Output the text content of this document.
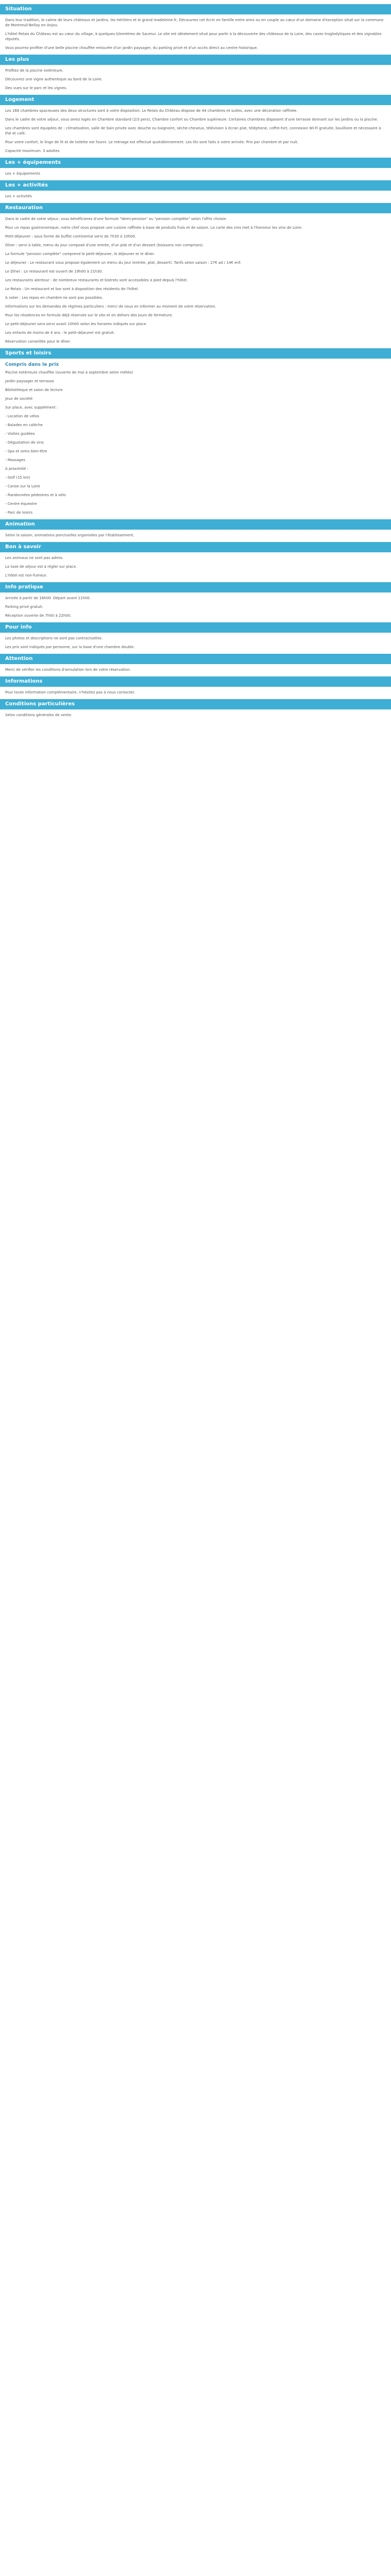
Situation

Dans leur tradition, le calme de leurs châteaux et jardins, les héritiers et le grand madeleine.fr, Découvrez cet écrin en famille entre amis ou en couple au cœur d'un domaine d'exception situé sur la commune de Montreuil-Bellay en Anjou.

L'hôtel Relais du Château est au cœur du village, à quelques kilomètres de Saumur. Le site est idéalement situé pour partir à la découverte des châteaux de la Loire, des caves troglodytiques et des vignobles réputés.

Vous pourrez profiter d'une belle piscine chauffée entourée d'un jardin paysager, du parking privé et d'un accès direct au centre historique.

Les plus

Profitez de la piscine extérieure.

Découvrez une vigne authentique au bord de la Loire.

Des vues sur le parc et les vignes.

Logement

Les 166 chambres spacieuses des deux structures sont à votre disposition. Le Relais du Château dispose de 44 chambres et suites, avec une décoration raffinée.

Dans le cadre de votre séjour, vous serez logés en Chambre standard (2/3 pers), Chambre confort ou Chambre supérieure. Certaines chambres disposent d'une terrasse donnant sur les jardins ou la piscine.

Les chambres sont équipées de : climatisation, salle de bain privée avec douche ou baignoire, sèche-cheveux, télévision à écran plat, téléphone, coffre-fort, connexion Wi-Fi gratuite, bouilloire et nécessaire à thé et café.

Pour votre confort, le linge de lit et de toilette est fourni. Le ménage est effectué quotidiennement. Les lits sont faits à votre arrivée. Prix par chambre et par nuit.

Capacité maximum: 3 adultes

Les + équipements

Les + équipements

Les + activités

Les + activités

Restauration

Dans le cadre de votre séjour, vous bénéficierez d'une formule "demi-pension" ou "pension complète" selon l'offre choisie.

Pour un repas gastronomique, notre chef vous propose une cuisine raffinée à base de produits frais et de saison. La carte des vins met à l'honneur les vins de Loire.

Petit-déjeuner : sous forme de buffet continental servi de 7h30 à 10h00.

Dîner : servi à table, menu du jour composé d'une entrée, d'un plat et d'un dessert (boissons non comprises).

La formule "pension complète" comprend le petit-déjeuner, le déjeuner et le dîner.

Le déjeuner : Le restaurant vous propose également un menu du jour (entrée, plat, dessert). Tarifs selon saison : 27€ ad / 14€ enf.

Le Dîner : Le restaurant est ouvert de 19h00 à 21h30.

Les restaurants alentour : de nombreux restaurants et bistrots sont accessibles à pied depuis l'hôtel.

Le Relais : Un restaurant et bar sont à disposition des résidents de l'hôtel.

À noter : Les repas en chambre ne sont pas possibles.

Informations sur les demandes de régimes particuliers : merci de nous en informer au moment de votre réservation.

Pour les résidences en formule déjà réservée sur le site et en dehors des jours de fermeture.

Le petit-déjeuner sera servi avant 10h00 selon les horaires indiqués sur place.

Les enfants de moins de 4 ans : le petit-déjeuner est gratuit.

Réservation conseillée pour le dîner.

Sports et loisirs
Compris dans le prix

Piscine extérieure chauffée (ouverte de mai à septembre selon météo)

Jardin paysager et terrasse

Bibliothèque et salon de lecture

Jeux de société

Sur place, avec supplément :

- Location de vélos

- Balades en calèche

- Visites guidées

- Dégustation de vins

- Spa et soins bien-être

- Massages

À proximité :

- Golf (15 km)

- Canoe sur la Loire

- Randonnées pédestres et à vélo

- Centre équestre

- Parc de loisirs

Animation

Selon la saison, animations ponctuelles organisées par l'établissement.

Bon à savoir

Les animaux ne sont pas admis.

La taxe de séjour est à régler sur place.

L'hôtel est non-fumeur.

Info pratique

Arrivée à partir de 16h00. Départ avant 11h00.

Parking privé gratuit.

Réception ouverte de 7h00 à 22h00.

Pour info

Les photos et descriptions ne sont pas contractuelles.

Les prix sont indiqués par personne, sur la base d'une chambre double.

Attention

Merci de vérifier les conditions d'annulation lors de votre réservation.

Informations

Pour toute information complémentaire, n'hésitez pas à nous contacter.

Conditions particulières

Selon conditions générales de vente.
